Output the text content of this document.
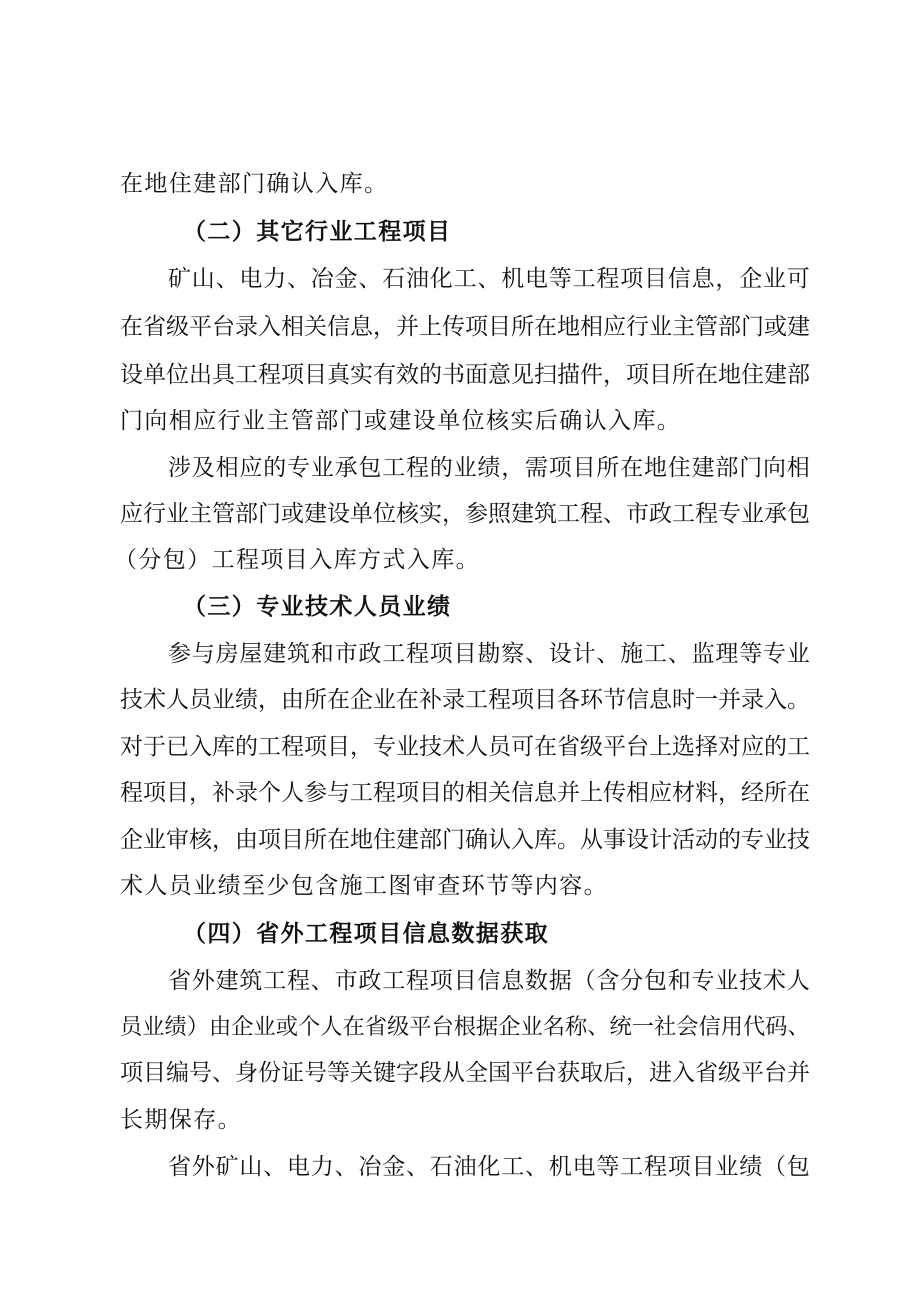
在地住建部门确认入库。
（二）其它行业工程项目
矿山、电力、冶金、石油化工、机电等工程项目信息，企业可
在省级平台录入相关信息，并上传项目所在地相应行业主管部门或建
设单位出具工程项目真实有效的书面意见扫描件，项目所在地住建部
门向相应行业主管部门或建设单位核实后确认入库。
涉及相应的专业承包工程的业绩，需项目所在地住建部门向相
应行业主管部门或建设单位核实，参照建筑工程、市政工程专业承包
（分包）工程项目入库方式入库。
（三）专业技术人员业绩
参与房屋建筑和市政工程项目勘察、设计、施工、监理等专业
技术人员业绩，由所在企业在补录工程项目各环节信息时一并录入。
对于已入库的工程项目，专业技术人员可在省级平台上选择对应的工
程项目，补录个人参与工程项目的相关信息并上传相应材料，经所在
企业审核，由项目所在地住建部门确认入库。从事设计活动的专业技
术人员业绩至少包含施工图审查环节等内容。
（四）省外工程项目信息数据获取
省外建筑工程、市政工程项目信息数据（含分包和专业技术人
员业绩）由企业或个人在省级平台根据企业名称、统一社会信用代码、
项目编号、身份证号等关键字段从全国平台获取后，进入省级平台并
长期保存。
省外矿山、电力、冶金、石油化工、机电等工程项目业绩（包
